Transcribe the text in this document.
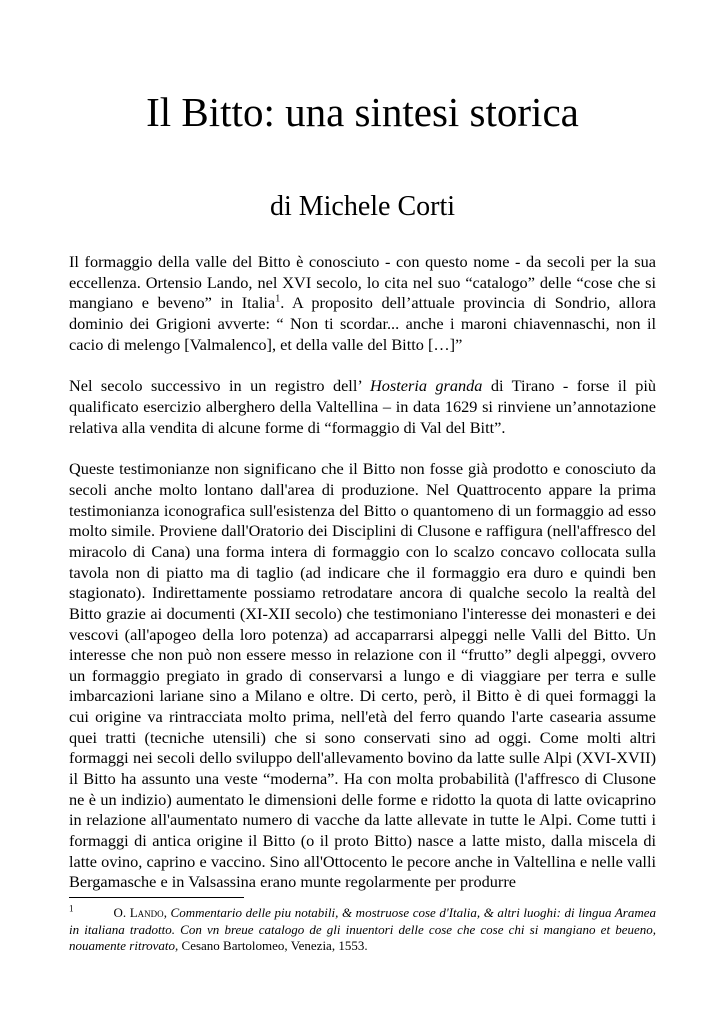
Il Bitto: una sintesi storica
di Michele Corti

Il formaggio della valle del Bitto è conosciuto - con questo nome - da secoli per la sua eccellenza. Ortensio Lando, nel XVI secolo, lo cita nel suo “catalogo” delle “cose che si mangiano e beveno” in Italia$^1$. A proposito dell’attuale provincia di Sondrio, allora dominio dei Grigioni avverte: “ Non ti scordar... anche i maroni chiavennaschi, non il cacio di melengo [Valmalenco], et della valle del Bitto […]”

Nel secolo successivo in un registro dell’ Hosteria granda di Tirano - forse il più qualificato esercizio alberghero della Valtellina – in data 1629 si rinviene un’annotazione relativa alla vendita di alcune forme di “formaggio di Val del Bitt”.

Queste testimonianze non significano che il Bitto non fosse già prodotto e conosciuto da secoli anche molto lontano dall'area di produzione. Nel Quattrocento appare la prima testimonianza iconografica sull'esistenza del Bitto o quantomeno di un formaggio ad esso molto simile. Proviene dall'Oratorio dei Disciplini di Clusone e raffigura (nell'affresco del miracolo di Cana) una forma intera di formaggio con lo scalzo concavo collocata sulla tavola non di piatto ma di taglio (ad indicare che il formaggio era duro e quindi ben stagionato). Indirettamente possiamo retrodatare ancora di qualche secolo la realtà del Bitto grazie ai documenti (XI-XII secolo) che testimoniano l'interesse dei monasteri e dei vescovi (all'apogeo della loro potenza) ad accaparrarsi alpeggi nelle Valli del Bitto. Un interesse che non può non essere messo in relazione con il “frutto” degli alpeggi, ovvero un formaggio pregiato in grado di conservarsi a lungo e di viaggiare per terra e sulle imbarcazioni lariane sino a Milano e oltre. Di certo, però, il Bitto è di quei formaggi la cui origine va rintracciata molto prima, nell'età del ferro quando l'arte casearia assume quei tratti (tecniche utensili) che si sono conservati sino ad oggi. Come molti altri formaggi nei secoli dello sviluppo dell'allevamento bovino da latte sulle Alpi (XVI-XVII) il Bitto ha assunto una veste “moderna”. Ha con molta probabilità (l'affresco di Clusone ne è un indizio) aumentato le dimensioni delle forme e ridotto la quota di latte ovicaprino in relazione all'aumentato numero di vacche da latte allevate in tutte le Alpi. Come tutti i formaggi di antica origine il Bitto (o il proto Bitto) nasce a latte misto, dalla miscela di latte ovino, caprino e vaccino. Sino all'Ottocento le pecore anche in Valtellina e nelle valli Bergamasche e in Valsassina erano munte regolarmente per produrre

$^1$	O. Lando, Commentario delle piu notabili, & mostruose cose d'Italia, & altri luoghi: di lingua Aramea in italiana tradotto. Con vn breue catalogo de gli inuentori delle cose che cose chi si mangiano et beueno, nouamente ritrovato, Cesano Bartolomeo, Venezia, 1553.
